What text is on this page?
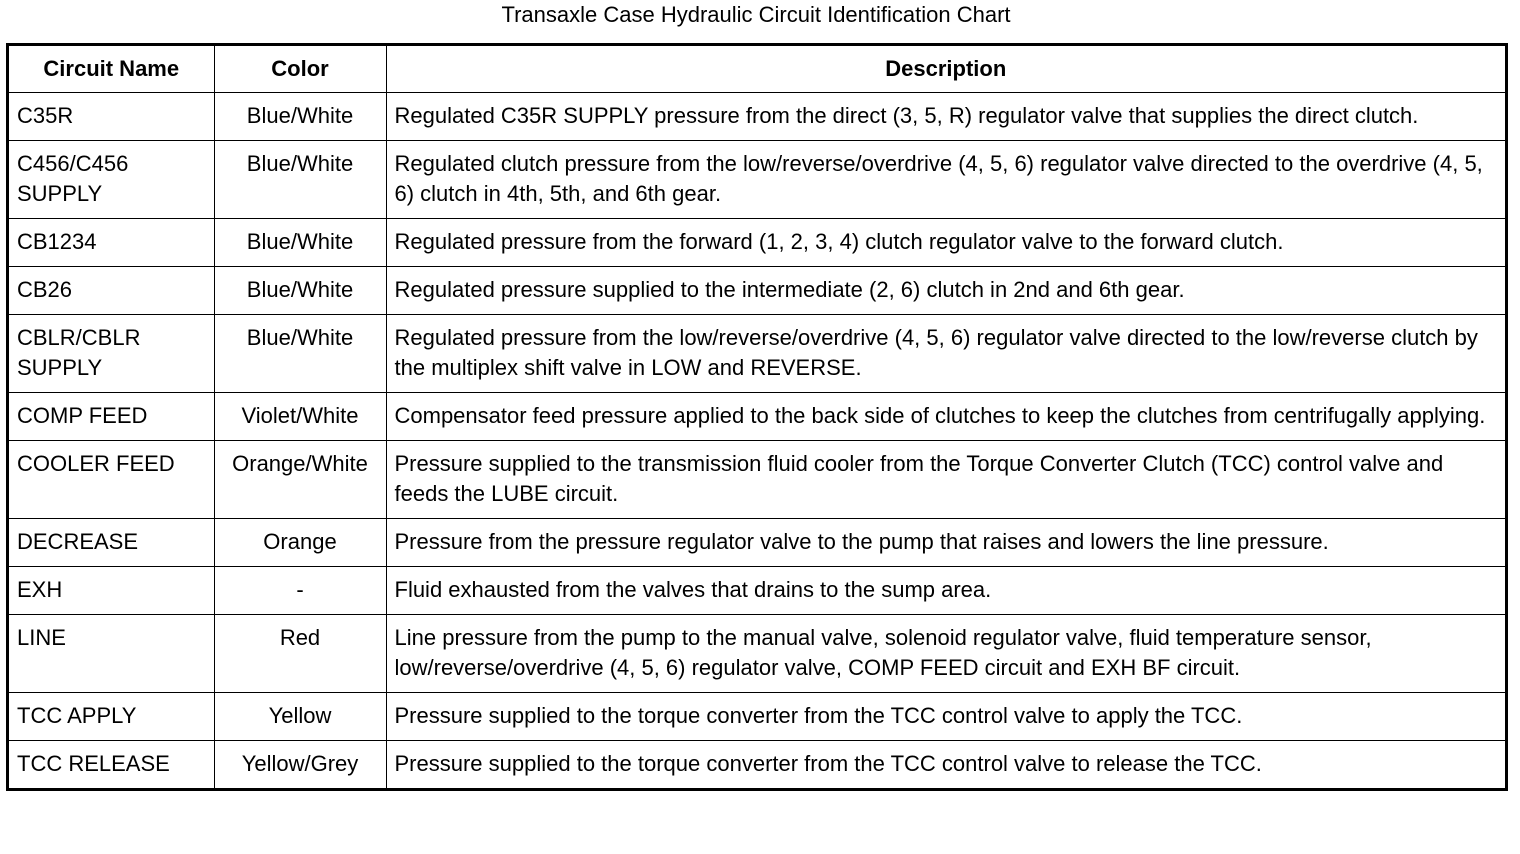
Transaxle Case Hydraulic Circuit Identification Chart
Circuit Name	Color	Description
C35R	Blue/White	Regulated C35R SUPPLY pressure from the direct (3, 5, R) regulator valve that supplies the direct clutch.
C456/C456 SUPPLY	Blue/White	Regulated clutch pressure from the low/reverse/overdrive (4, 5, 6) regulator valve directed to the overdrive (4, 5, 6) clutch in 4th, 5th, and 6th gear.
CB1234	Blue/White	Regulated pressure from the forward (1, 2, 3, 4) clutch regulator valve to the forward clutch.
CB26	Blue/White	Regulated pressure supplied to the intermediate (2, 6) clutch in 2nd and 6th gear.
CBLR/CBLR SUPPLY	Blue/White	Regulated pressure from the low/reverse/overdrive (4, 5, 6) regulator valve directed to the low/reverse clutch by the multiplex shift valve in LOW and REVERSE.
COMP FEED	Violet/White	Compensator feed pressure applied to the back side of clutches to keep the clutches from centrifugally applying.
COOLER FEED	Orange/White	Pressure supplied to the transmission fluid cooler from the Torque Converter Clutch (TCC) control valve and feeds the LUBE circuit.
DECREASE	Orange	Pressure from the pressure regulator valve to the pump that raises and lowers the line pressure.
EXH	-	Fluid exhausted from the valves that drains to the sump area.
LINE	Red	Line pressure from the pump to the manual valve, solenoid regulator valve, fluid temperature sensor, low/reverse/overdrive (4, 5, 6) regulator valve, COMP FEED circuit and EXH BF circuit.
TCC APPLY	Yellow	Pressure supplied to the torque converter from the TCC control valve to apply the TCC.
TCC RELEASE	Yellow/Grey	Pressure supplied to the torque converter from the TCC control valve to release the TCC.
